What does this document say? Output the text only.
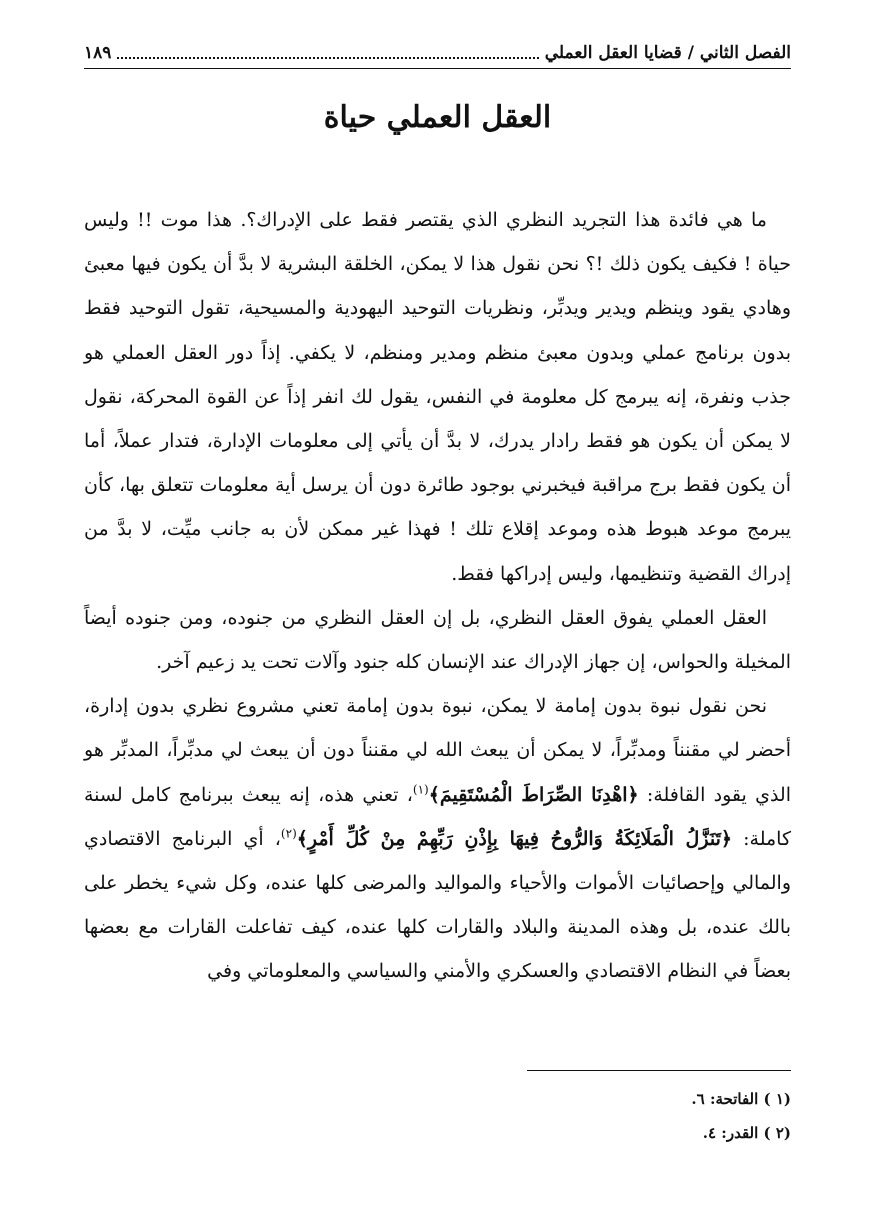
الفصل الثاني / قضايا العقل العملي
١٨٩
العقل العملي حياة

ما هي فائدة هذا التجريد النظري الذي يقتصر فقط على الإدراك؟. هذا موت !! وليس حياة ! فكيف يكون ذلك !؟ نحن نقول هذا لا يمكن، الخلقة البشرية لا بدَّ أن يكون فيها معبئ وهادي يقود وينظم ويدير ويدبِّر، ونظريات التوحيد اليهودية والمسيحية، تقول التوحيد فقط بدون برنامج عملي وبدون معبئ منظم ومدير ومنظم، لا يكفي. إذاً دور العقل العملي هو جذب ونفرة، إنه يبرمج كل معلومة في النفس، يقول لك انفر إذاً عن القوة المحركة، نقول لا يمكن أن يكون هو فقط رادار يدرك، لا بدَّ أن يأتي إلى معلومات الإدارة، فتدار عملاً، أما أن يكون فقط برج مراقبة فيخبرني بوجود طائرة دون أن يرسل أية معلومات تتعلق بها، كأن يبرمج موعد هبوط هذه وموعد إقلاع تلك ! فهذا غير ممكن لأن به جانب ميِّت، لا بدَّ من إدراك القضية وتنظيمها، وليس إدراكها فقط.

العقل العملي يفوق العقل النظري، بل إن العقل النظري من جنوده، ومن جنوده أيضاً المخيلة والحواس، إن جهاز الإدراك عند الإنسان كله جنود وآلات تحت يد زعيم آخر.

نحن نقول نبوة بدون إمامة لا يمكن، نبوة بدون إمامة تعني مشروع نظري بدون إدارة، أحضر لي مقنناً ومدبِّراً، لا يمكن أن يبعث الله لي مقنناً دون أن يبعث لي مدبِّراً، المدبِّر هو الذي يقود القافلة: ﴿اهْدِنَا الصِّرَاطَ الْمُسْتَقِيمَ﴾$^{(١)}$، تعني هذه، إنه يبعث ببرنامج كامل لسنة كاملة: ﴿تَنَزَّلُ الْمَلَائِكَةُ وَالرُّوحُ فِيهَا بِإِذْنِ رَبِّهِمْ مِنْ كُلِّ أَمْرٍ﴾$^{(٢)}$، أي البرنامج الاقتصادي والمالي وإحصائيات الأموات والأحياء والمواليد والمرضى كلها عنده، وكل شيء يخطر على بالك عنده، بل وهذه المدينة والبلاد والقارات كلها عنده، كيف تفاعلت القارات مع بعضها بعضاً في النظام الاقتصادي والعسكري والأمني والسياسي والمعلوماتي وفي

(١ ) الفاتحة: ٦.
(٢ ) القدر: ٤.
